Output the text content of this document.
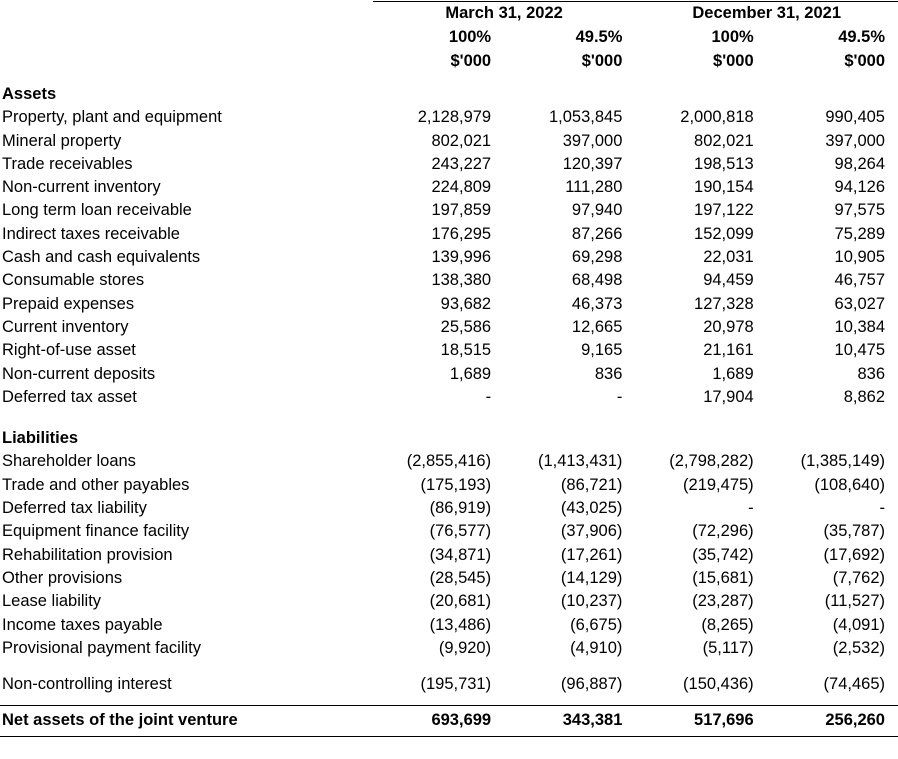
	March 31, 2022		December 31, 2021	
	100%	49.5%	100%	49.5%
	$'000	$'000	$'000	$'000
Assets				
Property, plant and equipment	2,128,979	1,053,845	2,000,818	990,405
Mineral property	802,021	397,000	802,021	397,000
Trade receivables	243,227	120,397	198,513	98,264
Non-current inventory	224,809	111,280	190,154	94,126
Long term loan receivable	197,859	97,940	197,122	97,575
Indirect taxes receivable	176,295	87,266	152,099	75,289
Cash and cash equivalents	139,996	69,298	22,031	10,905
Consumable stores	138,380	68,498	94,459	46,757
Prepaid expenses	93,682	46,373	127,328	63,027
Current inventory	25,586	12,665	20,978	10,384
Right-of-use asset	18,515	9,165	21,161	10,475
Non-current deposits	1,689	836	1,689	836
Deferred tax asset	-	-	17,904	8,862

Liabilities				
Shareholder loans	(2,855,416)	(1,413,431)	(2,798,282)	(1,385,149)
Trade and other payables	(175,193)	(86,721)	(219,475)	(108,640)
Deferred tax liability	(86,919)	(43,025)	-	-
Equipment finance facility	(76,577)	(37,906)	(72,296)	(35,787)
Rehabilitation provision	(34,871)	(17,261)	(35,742)	(17,692)
Other provisions	(28,545)	(14,129)	(15,681)	(7,762)
Lease liability	(20,681)	(10,237)	(23,287)	(11,527)
Income taxes payable	(13,486)	(6,675)	(8,265)	(4,091)
Provisional payment facility	(9,920)	(4,910)	(5,117)	(2,532)

Non-controlling interest	(195,731)	(96,887)	(150,436)	(74,465)

Net assets of the joint venture	693,699	343,381	517,696	256,260
